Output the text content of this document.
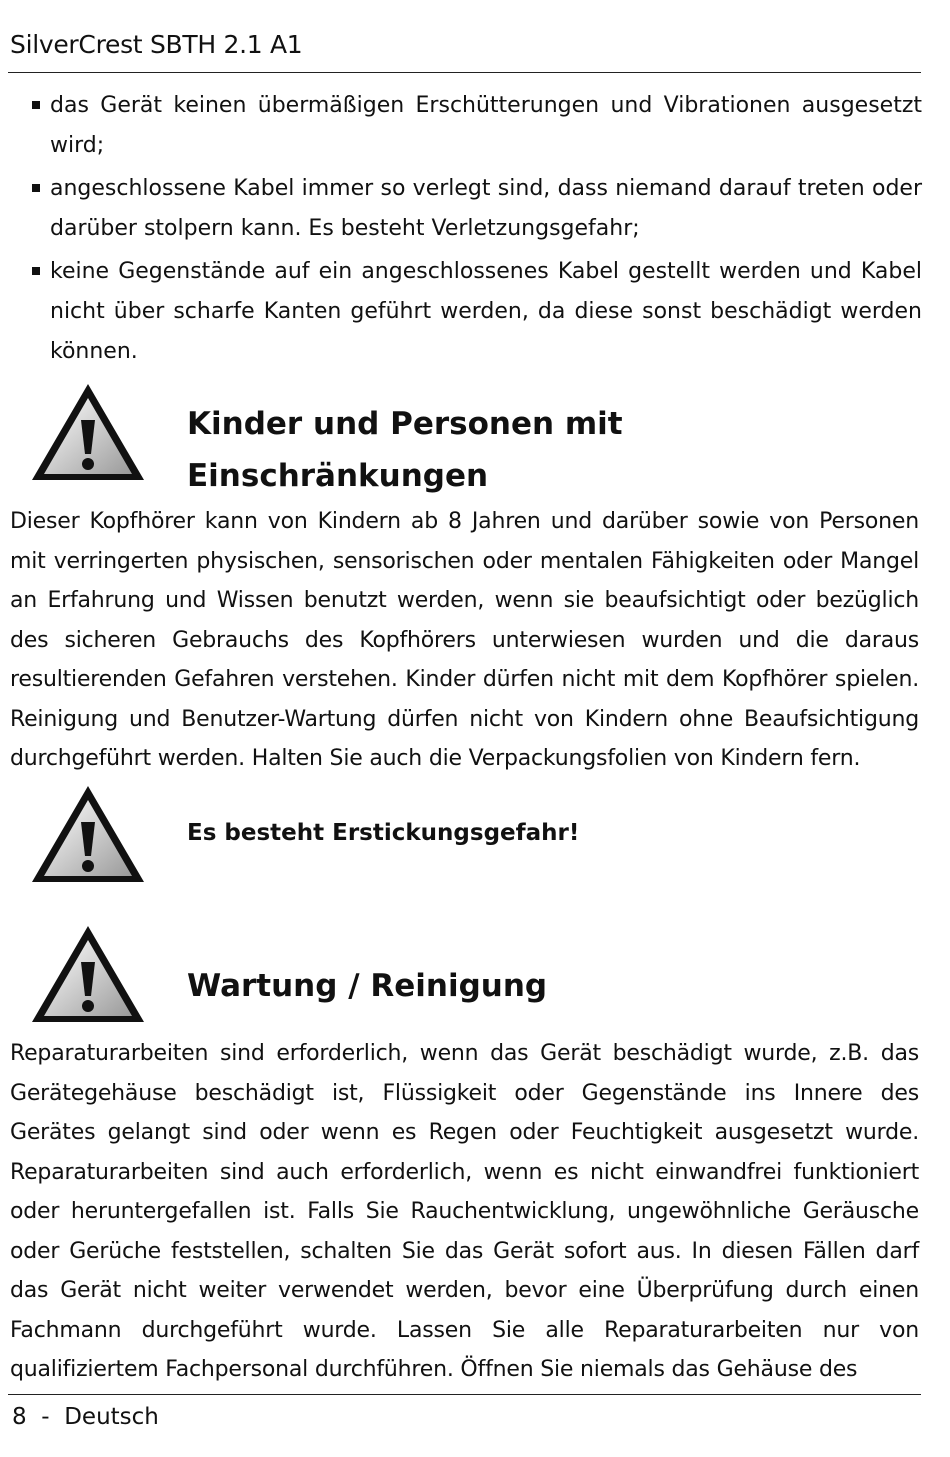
SilverCrest SBTH 2.1 A1
das Gerät keinen übermäßigen Erschütterungen und Vibrationen ausgesetzt wird;
angeschlossene Kabel immer so verlegt sind, dass niemand darauf treten oder darüber stolpern kann. Es besteht Verletzungsgefahr;
keine Gegenstände auf ein angeschlossenes Kabel gestellt werden und Kabel nicht über scharfe Kanten geführt werden, da diese sonst beschädigt werden können.
Kinder und Personen mit
Einschränkungen
Dieser Kopfhörer kann von Kindern ab 8 Jahren und darüber sowie von Personen mit verringerten physischen, sensorischen oder mentalen Fähigkeiten oder Mangel an Erfahrung und Wissen benutzt werden, wenn sie beaufsichtigt oder bezüglich des sicheren Gebrauchs des Kopfhörers unterwiesen wurden und die daraus resultierenden Gefahren verstehen. Kinder dürfen nicht mit dem Kopfhörer spielen. Reinigung und Benutzer-Wartung dürfen nicht von Kindern ohne Beaufsichtigung durchgeführt werden. Halten Sie auch die Verpackungsfolien von Kindern fern.
Es besteht Erstickungsgefahr!
Wartung / Reinigung
Reparaturarbeiten sind erforderlich, wenn das Gerät beschädigt wurde, z.B. das Gerätegehäuse beschädigt ist, Flüssigkeit oder Gegenstände ins Innere des Gerätes gelangt sind oder wenn es Regen oder Feuchtigkeit ausgesetzt wurde. Reparaturarbeiten sind auch erforderlich, wenn es nicht einwandfrei funktioniert oder heruntergefallen ist. Falls Sie Rauchentwicklung, ungewöhnliche Geräusche oder Gerüche feststellen, schalten Sie das Gerät sofort aus. In diesen Fällen darf das Gerät nicht weiter verwendet werden, bevor eine Überprüfung durch einen Fachmann durchgeführt wurde. Lassen Sie alle Reparaturarbeiten nur von qualifiziertem Fachpersonal durchführen. Öffnen Sie niemals das Gehäuse des
8 - Deutsch
